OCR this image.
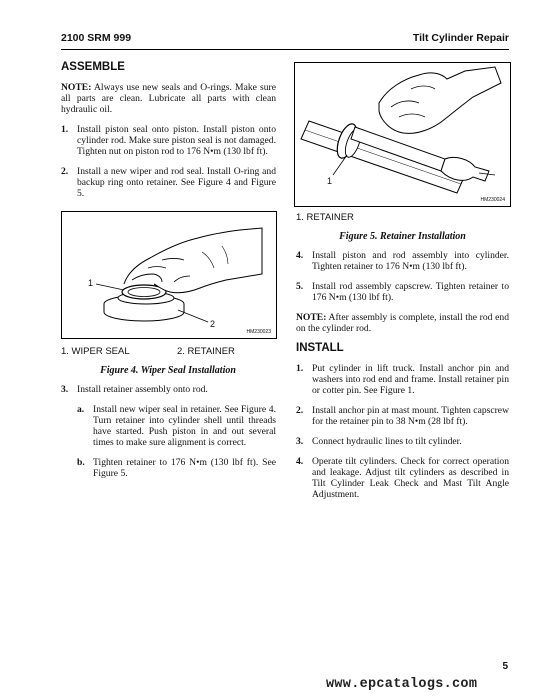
2100 SRM 999	Tilt Cylinder Repair
ASSEMBLE

NOTE: Always use new seals and O-rings. Make sure all parts are clean. Lubricate all parts with clean hydraulic oil.

1. Install piston seal onto piston. Install piston onto cylinder rod. Make sure piston seal is not damaged. Tighten nut on piston rod to 176 N•m (130 lbf ft).
2. Install a new wiper and rod seal. Install O-ring and backup ring onto retainer. See Figure 4 and Figure 5.
1
2
HM230023
1. WIPER SEAL	2. RETAINER
Figure 4. Wiper Seal Installation
3. Install retainer assembly onto rod.
a. Install new wiper seal in retainer. See Figure 4. Turn retainer into cylinder shell until threads have started. Push piston in and out several times to make sure alignment is correct.
b. Tighten retainer to 176 N•m (130 lbf ft). See Figure 5.
1
HM230024
1. RETAINER
Figure 5. Retainer Installation
4. Install piston and rod assembly into cylinder. Tighten retainer to 176 N•m (130 lbf ft).
5. Install rod assembly capscrew. Tighten retainer to 176 N•m (130 lbf ft).

NOTE: After assembly is complete, install the rod end on the cylinder rod.

INSTALL
1. Put cylinder in lift truck. Install anchor pin and washers into rod end and frame. Install retainer pin or cotter pin. See Figure 1.
2. Install anchor pin at mast mount. Tighten capscrew for the retainer pin to 38 N•m (28 lbf ft).
3. Connect hydraulic lines to tilt cylinder.
4. Operate tilt cylinders. Check for correct operation and leakage. Adjust tilt cylinders as described in Tilt Cylinder Leak Check and Mast Tilt Angle Adjustment.
5
www.epcatalogs.com
